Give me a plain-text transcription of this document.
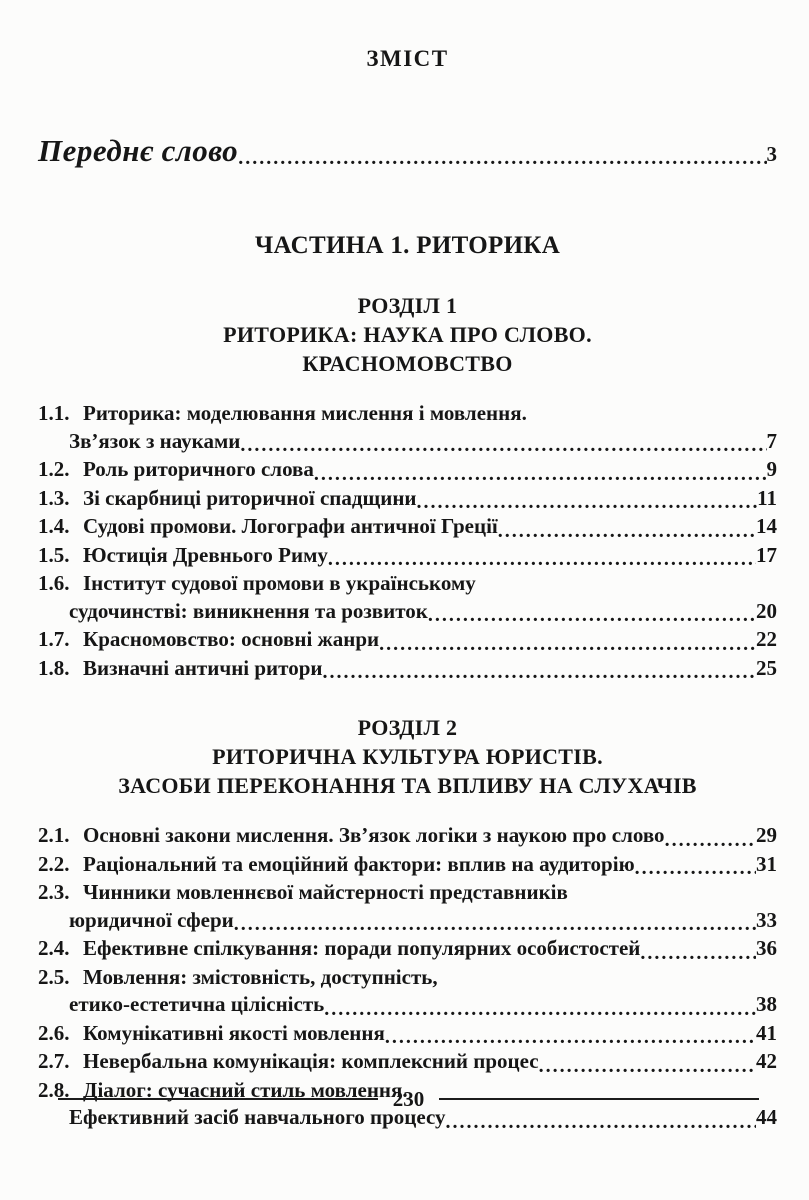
ЗМІСТ
Переднє слово .....	3
ЧАСТИНА 1. РИТОРИКА
РОЗДІЛ 1
РИТОРИКА: НАУКА ПРО СЛОВО.
КРАСНОМОВСТВО
1.1. Риторика: моделювання мислення і мовлення.
Зв’язок з науками .....	7
1.2. Роль риторичного слова .....	9
1.3. Зі скарбниці риторичної спадщини .....	11
1.4. Судові промови. Логографи античної Греції .....	14
1.5. Юстиція Древнього Риму .....	17
1.6. Інститут судової промови в українському
судочинстві: виникнення та розвиток .....	20
1.7. Красномовство: основні жанри .....	22
1.8. Визначні античні ритори .....	25
РОЗДІЛ 2
РИТОРИЧНА КУЛЬТУРА ЮРИСТІВ.
ЗАСОБИ ПЕРЕКОНАННЯ ТА ВПЛИВУ НА СЛУХАЧІВ
2.1. Основні закони мислення. Зв’язок логіки з наукою про слово .....	29
2.2. Раціональний та емоційний фактори: вплив на аудиторію .....	31
2.3. Чинники мовленнєвої майстерності представників
юридичної сфери .....	33
2.4. Ефективне спілкування: поради популярних особистостей .....	36
2.5. Мовлення: змістовність, доступність,
етико-естетична цілісність .....	38
2.6. Комунікативні якості мовлення .....	41
2.7. Невербальна комунікація: комплексний процес .....	42
2.8. Діалог: сучасний стиль мовлення.
Ефективний засіб навчального процесу .....	44
230
